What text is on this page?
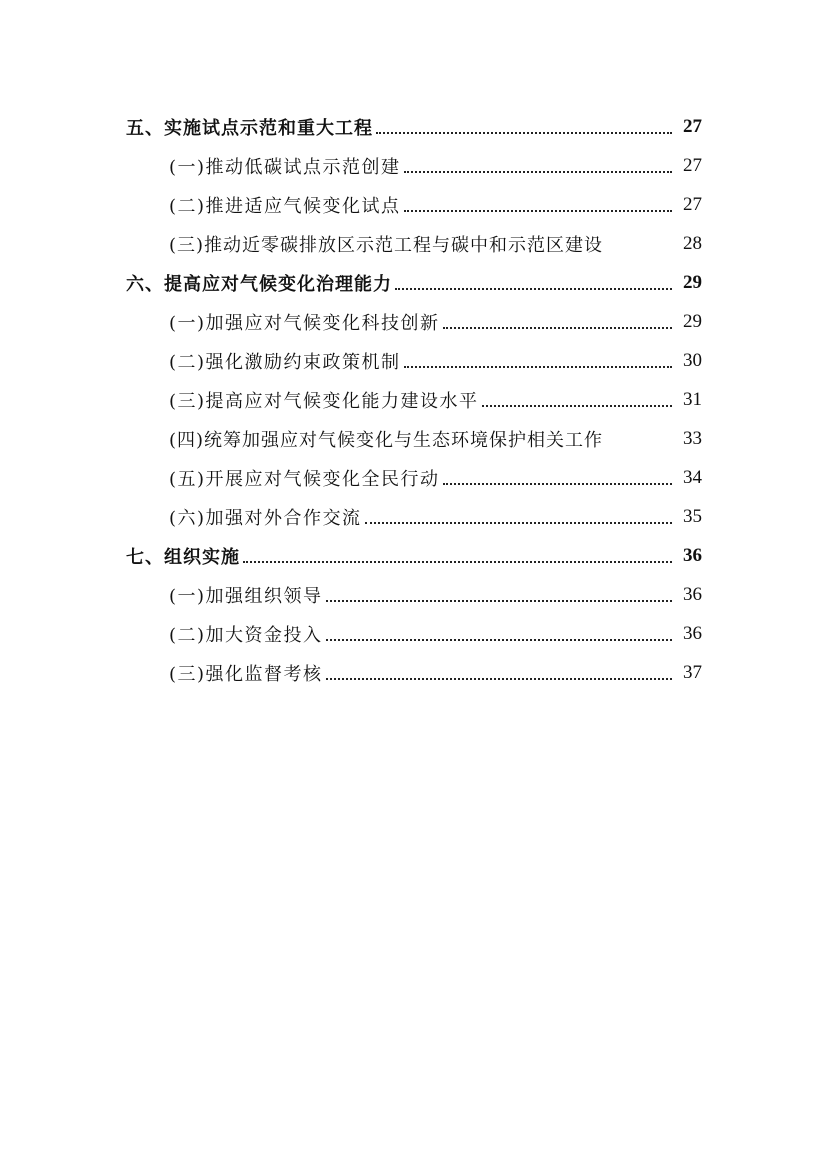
五、实施试点示范和重大工程	27
(一)推动低碳试点示范创建	27
(二)推进适应气候变化试点	27
(三)推动近零碳排放区示范工程与碳中和示范区建设	28
六、提高应对气候变化治理能力	29
(一)加强应对气候变化科技创新	29
(二)强化激励约束政策机制	30
(三)提高应对气候变化能力建设水平	31
(四)统筹加强应对气候变化与生态环境保护相关工作	33
(五)开展应对气候变化全民行动	34
(六)加强对外合作交流	35
七、组织实施	36
(一)加强组织领导	36
(二)加大资金投入	36
(三)强化监督考核	37
